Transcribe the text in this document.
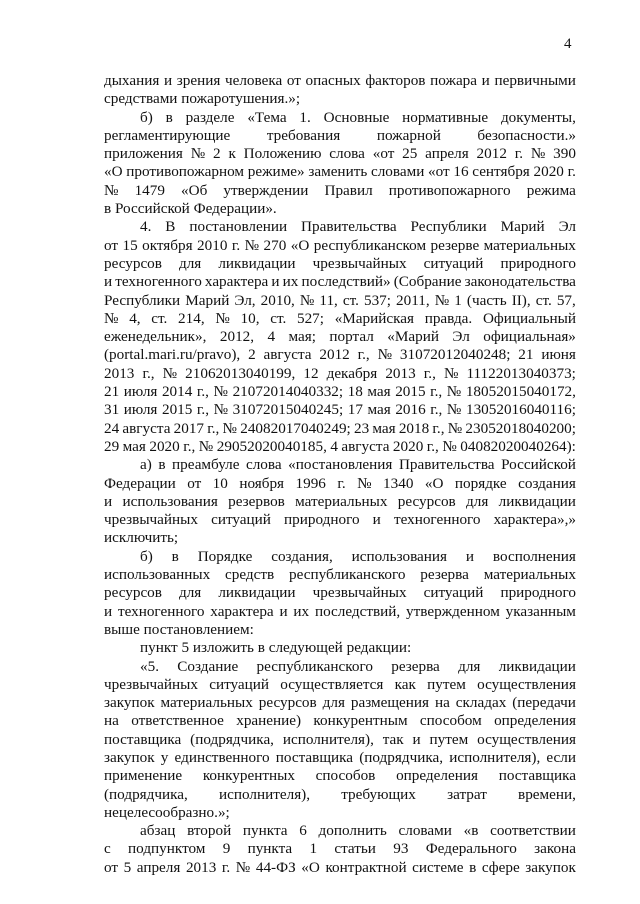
4
дыхания и зрения человека от опасных факторов пожара и первичными
средствами пожаротушения.»;
б) в разделе «Тема 1. Основные нормативные документы,
регламентирующие требования пожарной безопасности.»
приложения № 2 к Положению слова «от 25 апреля 2012 г. № 390
«О противопожарном режиме» заменить словами «от 16 сентября 2020 г.
№ 1479 «Об утверждении Правил противопожарного режима
в Российской Федерации».
4. В постановлении Правительства Республики Марий Эл
от 15 октября 2010 г. № 270 «О республиканском резерве материальных
ресурсов для ликвидации чрезвычайных ситуаций природного
и техногенного характера и их последствий» (Собрание законодательства
Республики Марий Эл, 2010, № 11, ст. 537; 2011, № 1 (часть II), ст. 57,
№ 4, ст. 214, № 10, ст. 527; «Марийская правда. Официальный
еженедельник», 2012, 4 мая; портал «Марий Эл официальная»
(portal.mari.ru/pravo), 2 августа 2012 г., № 31072012040248; 21 июня
2013 г., № 21062013040199, 12 декабря 2013 г., № 11122013040373;
21 июля 2014 г., № 21072014040332; 18 мая 2015 г., № 18052015040172,
31 июля 2015 г., № 31072015040245; 17 мая 2016 г., № 13052016040116;
24 августа 2017 г., № 24082017040249; 23 мая 2018 г., № 23052018040200;
29 мая 2020 г., № 29052020040185, 4 августа 2020 г., № 04082020040264):
а) в преамбуле слова «постановления Правительства Российской
Федерации от 10 ноября 1996 г. № 1340 «О порядке создания
и использования резервов материальных ресурсов для ликвидации
чрезвычайных ситуаций природного и техногенного характера»,»
исключить;
б) в Порядке создания, использования и восполнения
использованных средств республиканского резерва материальных
ресурсов для ликвидации чрезвычайных ситуаций природного
и техногенного характера и их последствий, утвержденном указанным
выше постановлением:
пункт 5 изложить в следующей редакции:
«5. Создание республиканского резерва для ликвидации
чрезвычайных ситуаций осуществляется как путем осуществления
закупок материальных ресурсов для размещения на складах (передачи
на ответственное хранение) конкурентным способом определения
поставщика (подрядчика, исполнителя), так и путем осуществления
закупок у единственного поставщика (подрядчика, исполнителя), если
применение конкурентных способов определения поставщика
(подрядчика, исполнителя), требующих затрат времени,
нецелесообразно.»;
абзац второй пункта 6 дополнить словами «в соответствии
с подпунктом 9 пункта 1 статьи 93 Федерального закона
от 5 апреля 2013 г. № 44-ФЗ «О контрактной системе в сфере закупок
